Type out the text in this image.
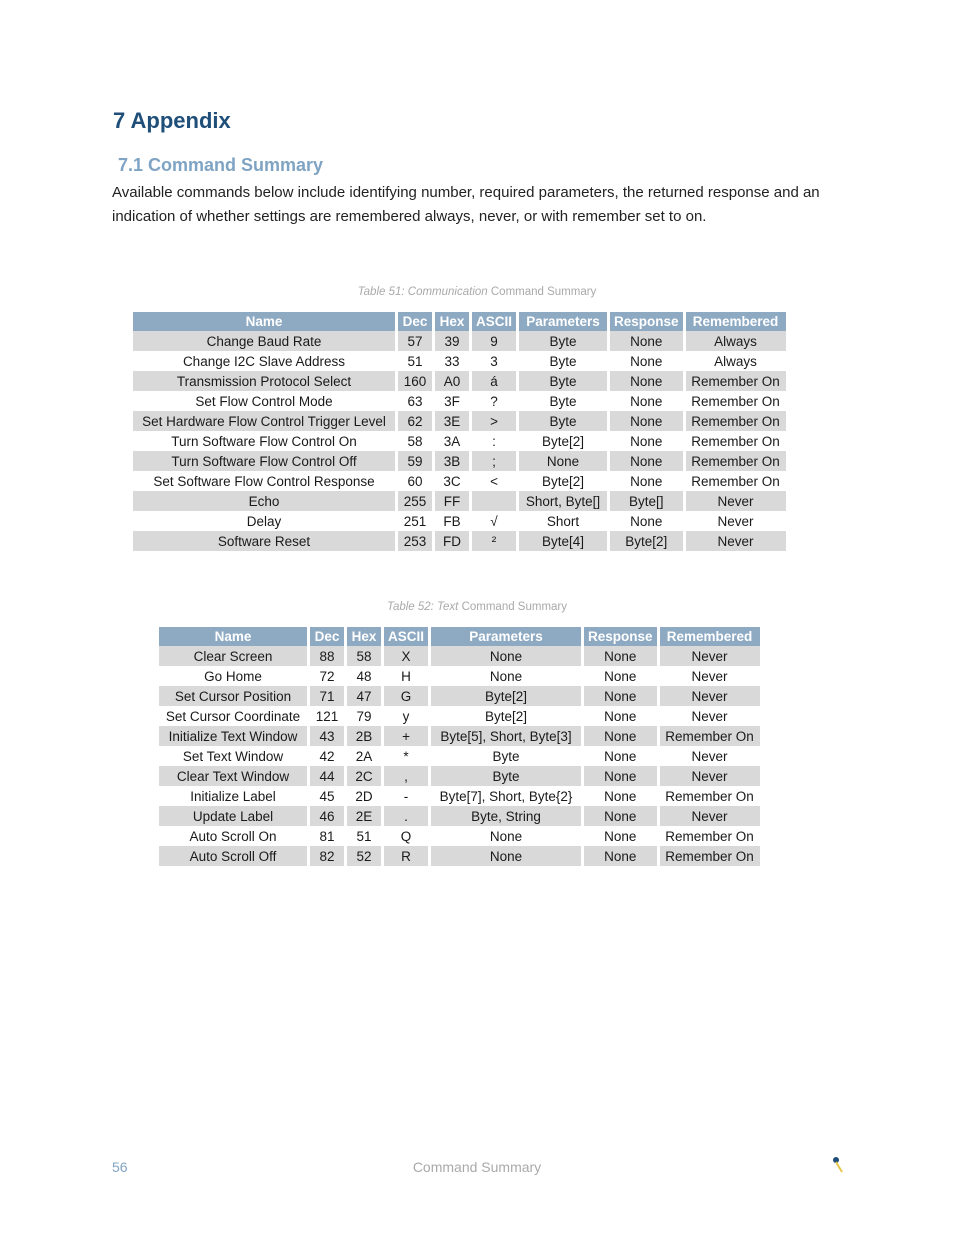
7 Appendix
7.1 Command Summary

Available commands below include identifying number, required parameters, the returned response and an indication of whether settings are remembered always, never, or with remember set to on.

Table 51: Communication Command Summary
Name	Dec	Hex	ASCII	Parameters	Response	Remembered
Change Baud Rate	57	39	9	Byte	None	Always
Change I2C Slave Address	51	33	3	Byte	None	Always
Transmission Protocol Select	160	A0	á	Byte	None	Remember On
Set Flow Control Mode	63	3F	?	Byte	None	Remember On
Set Hardware Flow Control Trigger Level	62	3E	>	Byte	None	Remember On
Turn Software Flow Control On	58	3A	:	Byte[2]	None	Remember On
Turn Software Flow Control Off	59	3B	;	None	None	Remember On
Set Software Flow Control Response	60	3C	<	Byte[2]	None	Remember On
Echo	255	FF		Short, Byte[]	Byte[]	Never
Delay	251	FB	√	Short	None	Never
Software Reset	253	FD	²	Byte[4]	Byte[2]	Never
Table 52: Text Command Summary
Name	Dec	Hex	ASCII	Parameters	Response	Remembered
Clear Screen	88	58	X	None	None	Never
Go Home	72	48	H	None	None	Never
Set Cursor Position	71	47	G	Byte[2]	None	Never
Set Cursor Coordinate	121	79	y	Byte[2]	None	Never
Initialize Text Window	43	2B	+	Byte[5], Short, Byte[3]	None	Remember On
Set Text Window	42	2A	*	Byte	None	Never
Clear Text Window	44	2C	,	Byte	None	Never
Initialize Label	45	2D	-	Byte[7], Short, Byte{2}	None	Remember On
Update Label	46	2E	.	Byte, String	None	Never
Auto Scroll On	81	51	Q	None	None	Remember On
Auto Scroll Off	82	52	R	None	None	Remember On
56	Command Summary
